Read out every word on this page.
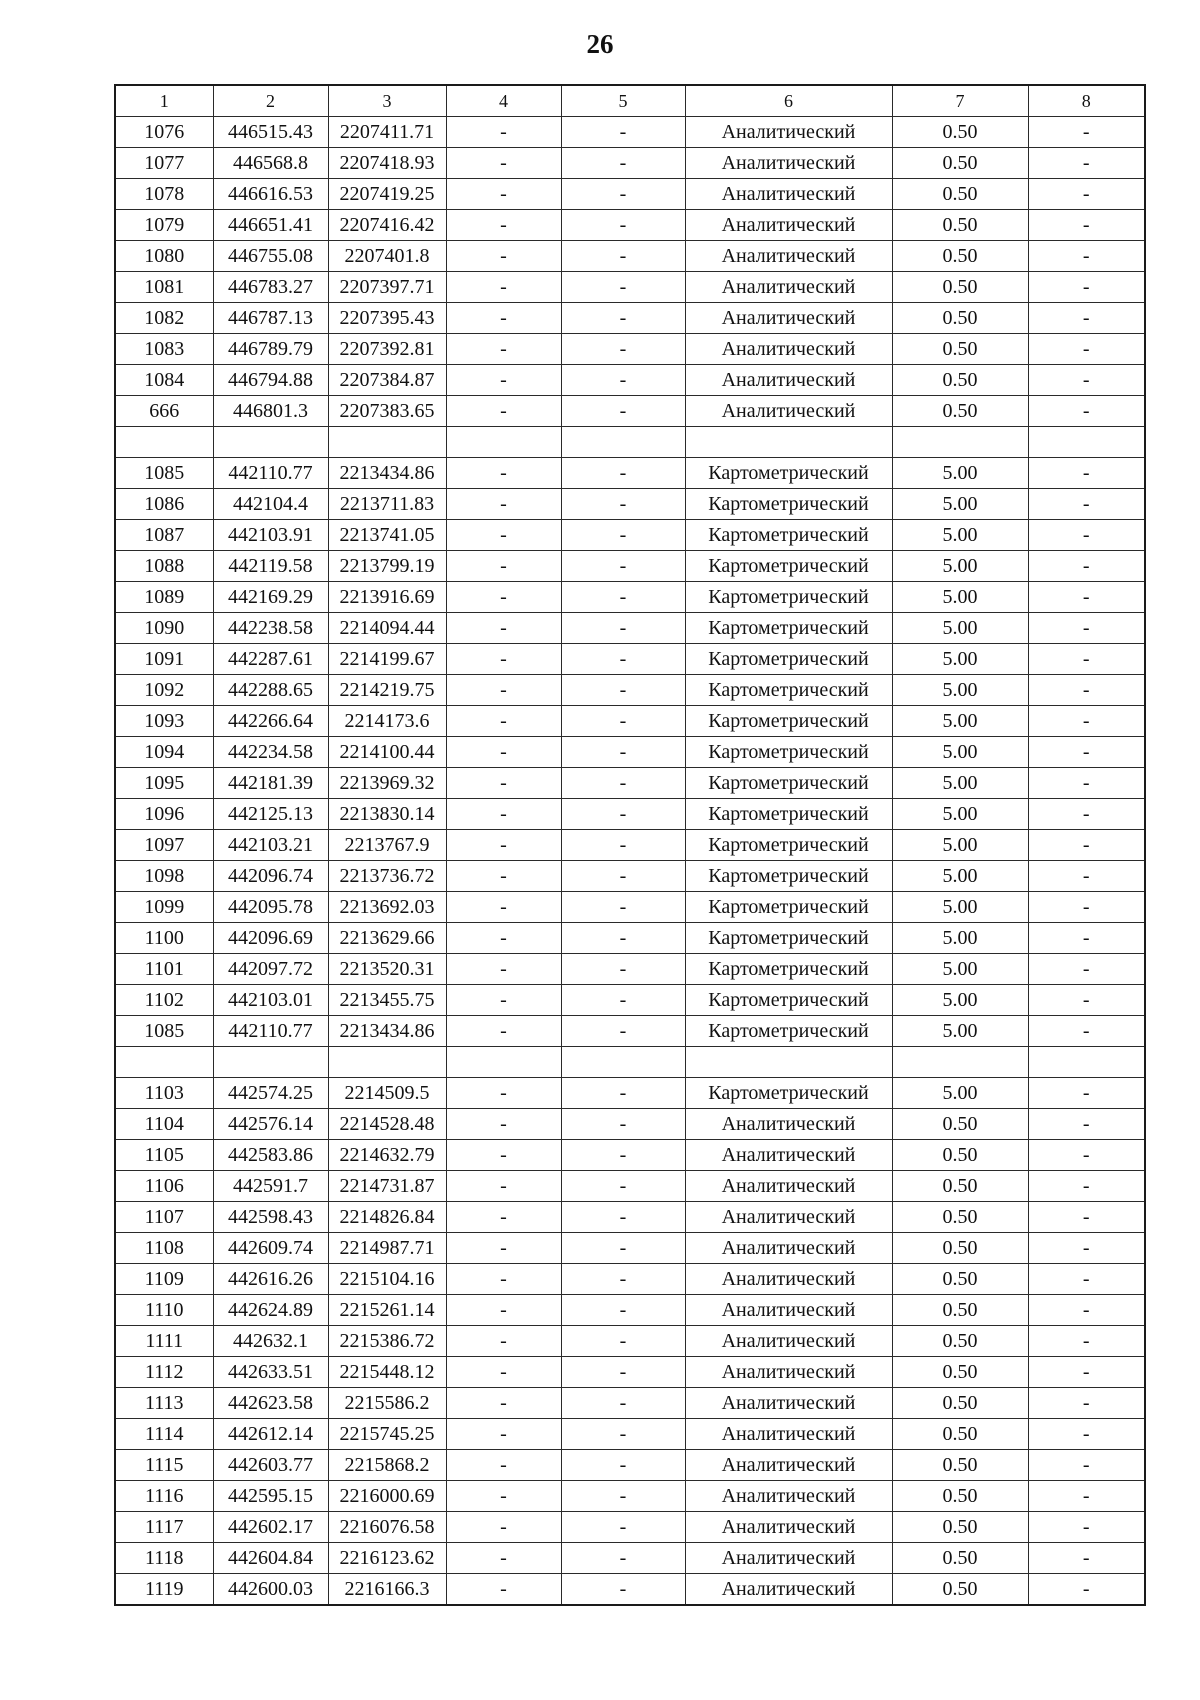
26
1	2	3	4	5	6	7	8
1076	446515.43	2207411.71	-	-	Аналитический	0.50	-
1077	446568.8	2207418.93	-	-	Аналитический	0.50	-
1078	446616.53	2207419.25	-	-	Аналитический	0.50	-
1079	446651.41	2207416.42	-	-	Аналитический	0.50	-
1080	446755.08	2207401.8	-	-	Аналитический	0.50	-
1081	446783.27	2207397.71	-	-	Аналитический	0.50	-
1082	446787.13	2207395.43	-	-	Аналитический	0.50	-
1083	446789.79	2207392.81	-	-	Аналитический	0.50	-
1084	446794.88	2207384.87	-	-	Аналитический	0.50	-
666	446801.3	2207383.65	-	-	Аналитический	0.50	-

1085	442110.77	2213434.86	-	-	Картометрический	5.00	-
1086	442104.4	2213711.83	-	-	Картометрический	5.00	-
1087	442103.91	2213741.05	-	-	Картометрический	5.00	-
1088	442119.58	2213799.19	-	-	Картометрический	5.00	-
1089	442169.29	2213916.69	-	-	Картометрический	5.00	-
1090	442238.58	2214094.44	-	-	Картометрический	5.00	-
1091	442287.61	2214199.67	-	-	Картометрический	5.00	-
1092	442288.65	2214219.75	-	-	Картометрический	5.00	-
1093	442266.64	2214173.6	-	-	Картометрический	5.00	-
1094	442234.58	2214100.44	-	-	Картометрический	5.00	-
1095	442181.39	2213969.32	-	-	Картометрический	5.00	-
1096	442125.13	2213830.14	-	-	Картометрический	5.00	-
1097	442103.21	2213767.9	-	-	Картометрический	5.00	-
1098	442096.74	2213736.72	-	-	Картометрический	5.00	-
1099	442095.78	2213692.03	-	-	Картометрический	5.00	-
1100	442096.69	2213629.66	-	-	Картометрический	5.00	-
1101	442097.72	2213520.31	-	-	Картометрический	5.00	-
1102	442103.01	2213455.75	-	-	Картометрический	5.00	-
1085	442110.77	2213434.86	-	-	Картометрический	5.00	-

1103	442574.25	2214509.5	-	-	Картометрический	5.00	-
1104	442576.14	2214528.48	-	-	Аналитический	0.50	-
1105	442583.86	2214632.79	-	-	Аналитический	0.50	-
1106	442591.7	2214731.87	-	-	Аналитический	0.50	-
1107	442598.43	2214826.84	-	-	Аналитический	0.50	-
1108	442609.74	2214987.71	-	-	Аналитический	0.50	-
1109	442616.26	2215104.16	-	-	Аналитический	0.50	-
1110	442624.89	2215261.14	-	-	Аналитический	0.50	-
1111	442632.1	2215386.72	-	-	Аналитический	0.50	-
1112	442633.51	2215448.12	-	-	Аналитический	0.50	-
1113	442623.58	2215586.2	-	-	Аналитический	0.50	-
1114	442612.14	2215745.25	-	-	Аналитический	0.50	-
1115	442603.77	2215868.2	-	-	Аналитический	0.50	-
1116	442595.15	2216000.69	-	-	Аналитический	0.50	-
1117	442602.17	2216076.58	-	-	Аналитический	0.50	-
1118	442604.84	2216123.62	-	-	Аналитический	0.50	-
1119	442600.03	2216166.3	-	-	Аналитический	0.50	-
